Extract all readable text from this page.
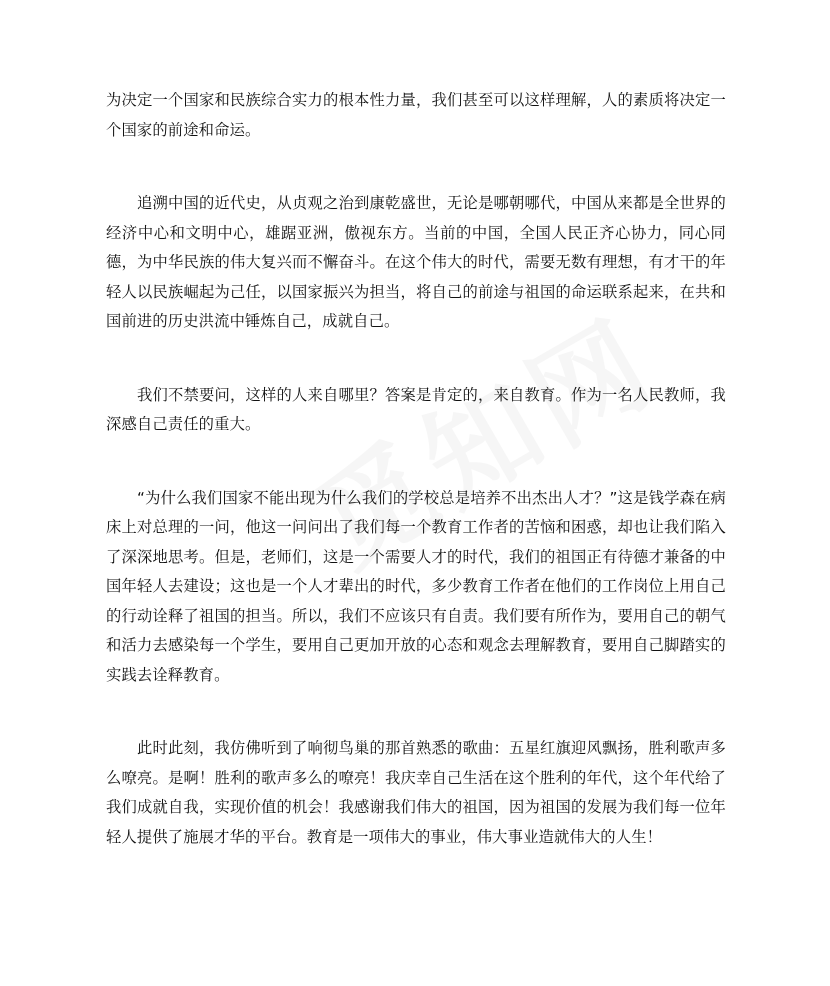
为决定一个国家和民族综合实力的根本性力量，我们甚至可以这样理解，人的素质将决定一个国家的前途和命运。

追溯中国的近代史，从贞观之治到康乾盛世，无论是哪朝哪代，中国从来都是全世界的经济中心和文明中心，雄踞亚洲，傲视东方。当前的中国，全国人民正齐心协力，同心同德，为中华民族的伟大复兴而不懈奋斗。在这个伟大的时代，需要无数有理想，有才干的年轻人以民族崛起为己任，以国家振兴为担当，将自己的前途与祖国的命运联系起来，在共和国前进的历史洪流中锤炼自己，成就自己。

我们不禁要问，这样的人来自哪里？答案是肯定的，来自教育。作为一名人民教师，我深感自己责任的重大。

“为什么我们国家不能出现为什么我们的学校总是培养不出杰出人才？”这是钱学森在病床上对总理的一问，他这一问问出了我们每一个教育工作者的苦恼和困惑，却也让我们陷入了深深地思考。但是，老师们，这是一个需要人才的时代，我们的祖国正有待德才兼备的中国年轻人去建设；这也是一个人才辈出的时代，多少教育工作者在他们的工作岗位上用自己的行动诠释了祖国的担当。所以，我们不应该只有自责。我们要有所作为，要用自己的朝气和活力去感染每一个学生，要用自己更加开放的心态和观念去理解教育，要用自己脚踏实的实践去诠释教育。

此时此刻，我仿佛听到了响彻鸟巢的那首熟悉的歌曲：五星红旗迎风飘扬，胜利歌声多么嘹亮。是啊！胜利的歌声多么的嘹亮！我庆幸自己生活在这个胜利的年代，这个年代给了我们成就自我，实现价值的机会！我感谢我们伟大的祖国，因为祖国的发展为我们每一位年轻人提供了施展才华的平台。教育是一项伟大的事业，伟大事业造就伟大的人生！
